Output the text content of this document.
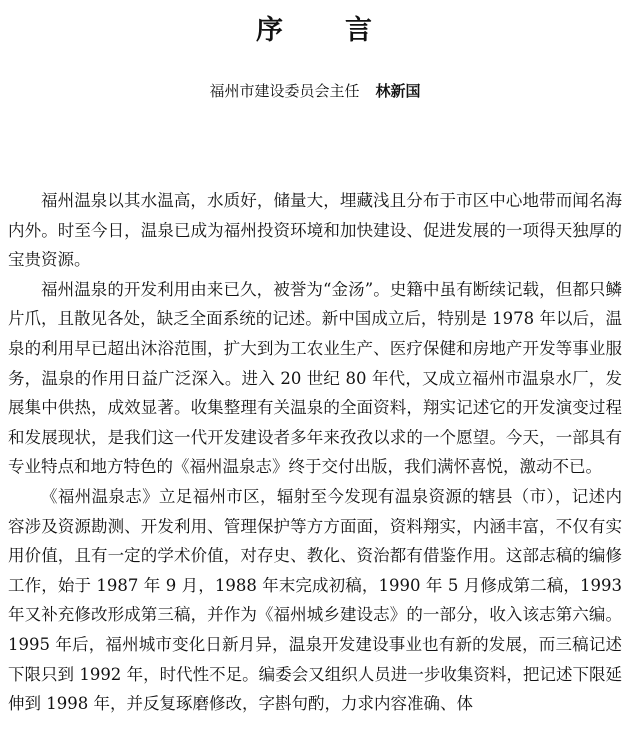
序 言
福州市建设委员会主任 林新国

福州温泉以其水温高，水质好，储量大，埋藏浅且分布于市区中心地带而闻名海内外。时至今日，温泉已成为福州投资环境和加快建设、促进发展的一项得天独厚的宝贵资源。

福州温泉的开发利用由来已久，被誉为“金汤”。史籍中虽有断续记载，但都只鳞片爪，且散见各处，缺乏全面系统的记述。新中国成立后，特别是 1978 年以后，温泉的利用早已超出沐浴范围，扩大到为工农业生产、医疗保健和房地产开发等事业服务，温泉的作用日益广泛深入。进入 20 世纪 80 年代，又成立福州市温泉水厂，发展集中供热，成效显著。收集整理有关温泉的全面资料，翔实记述它的开发演变过程和发展现状，是我们这一代开发建设者多年来孜孜以求的一个愿望。今天，一部具有专业特点和地方特色的《福州温泉志》终于交付出版，我们满怀喜悦，激动不已。

《福州温泉志》立足福州市区，辐射至今发现有温泉资源的辖县（市），记述内容涉及资源勘测、开发利用、管理保护等方方面面，资料翔实，内涵丰富，不仅有实用价值，且有一定的学术价值，对存史、教化、资治都有借鉴作用。这部志稿的编修工作，始于 1987 年 9 月，1988 年末完成初稿，1990 年 5 月修成第二稿，1993 年又补充修改形成第三稿，并作为《福州城乡建设志》的一部分，收入该志第六编。1995 年后，福州城市变化日新月异，温泉开发建设事业也有新的发展，而三稿记述下限只到 1992 年，时代性不足。编委会又组织人员进一步收集资料，把记述下限延伸到 1998 年，并反复琢磨修改，字斟句酌，力求内容准确、体
